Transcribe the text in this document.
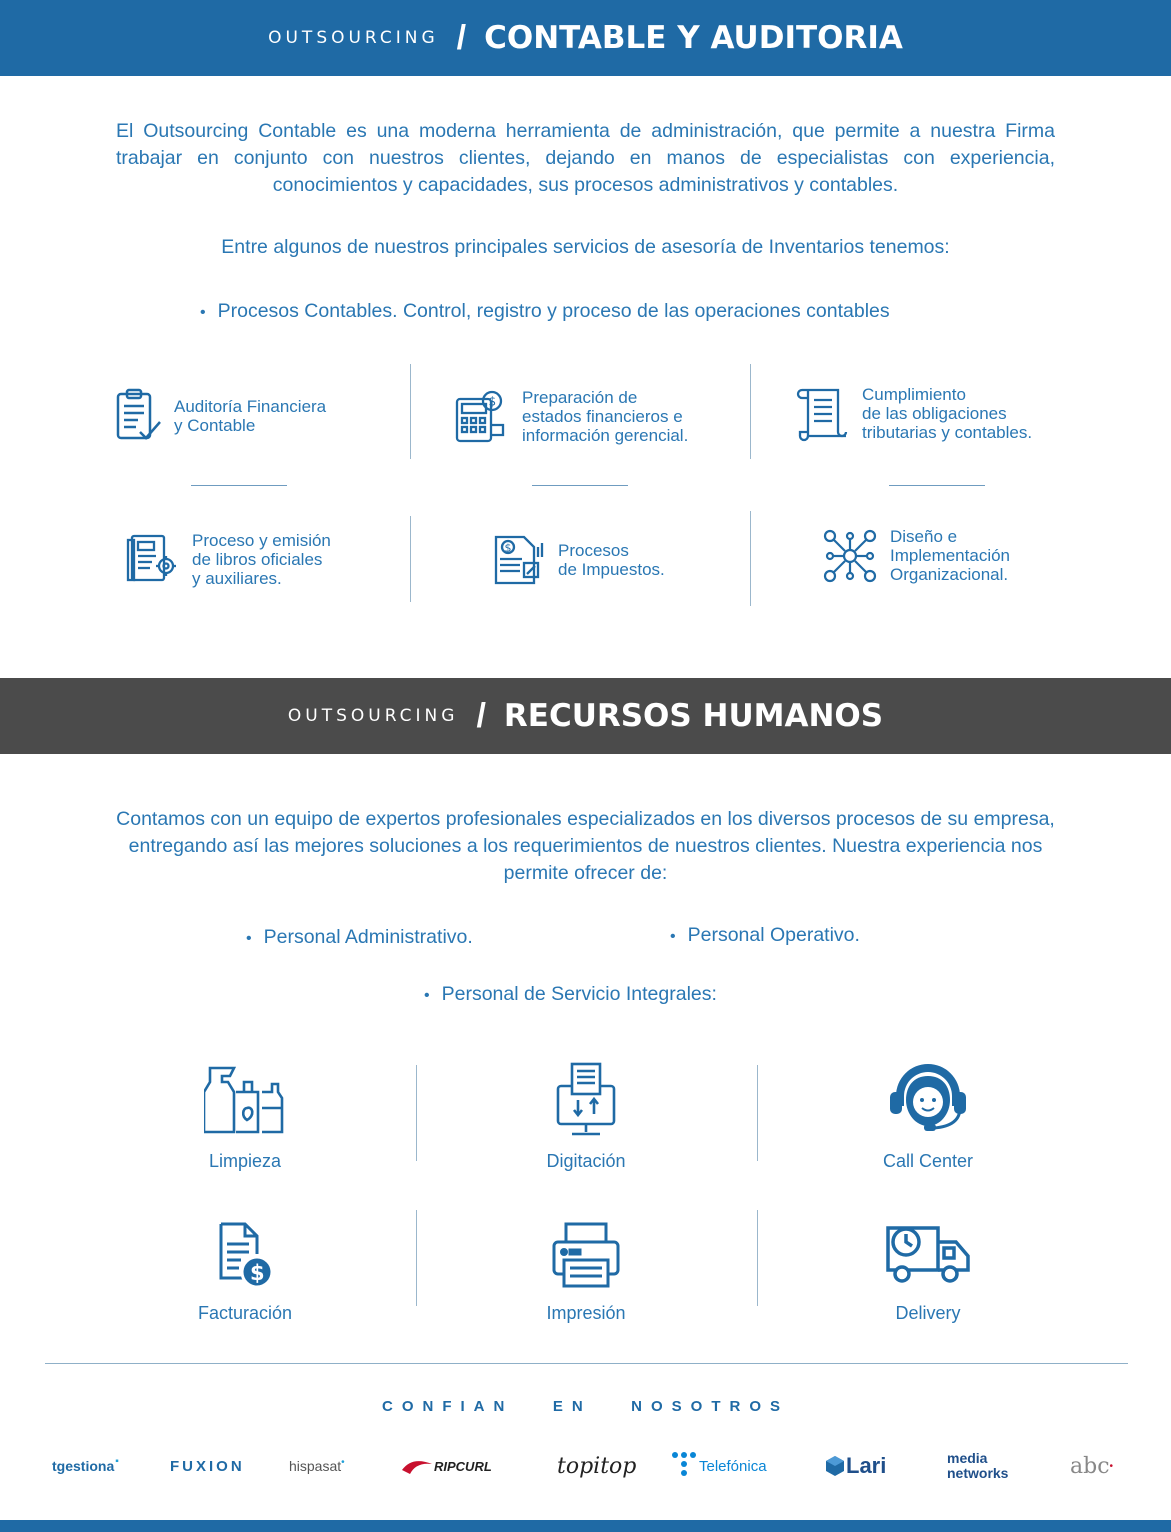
OUTSOURCING / CONTABLE Y AUDITORIA
El Outsourcing Contable es una moderna herramienta de administración, que permite a nuestra Firma trabajar en conjunto con nuestros clientes, dejando en manos de especialistas con experiencia, conocimientos y capacidades, sus procesos administrativos y contables.
Entre algunos de nuestros principales servicios de asesoría de Inventarios tenemos:
• Procesos Contables. Control, registro y proceso de las operaciones contables
Auditoría Financiera
y Contable
$ Preparación de
estados financieros e
información gerencial.
Cumplimiento
de las obligaciones
tributarias y contables.
Proceso y emisión
de libros oficiales
y auxiliares.
$	Procesos
de Impuestos.
Diseño e
Implementación
Organizacional.
OUTSOURCING / RECURSOS HUMANOS
Contamos con un equipo de expertos profesionales especializados en los diversos procesos de su empresa, entregando así las mejores soluciones a los requerimientos de nuestros clientes. Nuestra experiencia nos permite ofrecer de:
• Personal Administrativo.	• Personal Operativo.
• Personal de Servicio Integrales:
Limpieza	Digitación	Call Center
$
Facturación	Impresión	Delivery
CONFIAN   EN   NOSOTROS
tgestiona ▪	FUXION	hispasat •	RIPCURL	topitop	Telefónica	Lari	media networks	abc •
